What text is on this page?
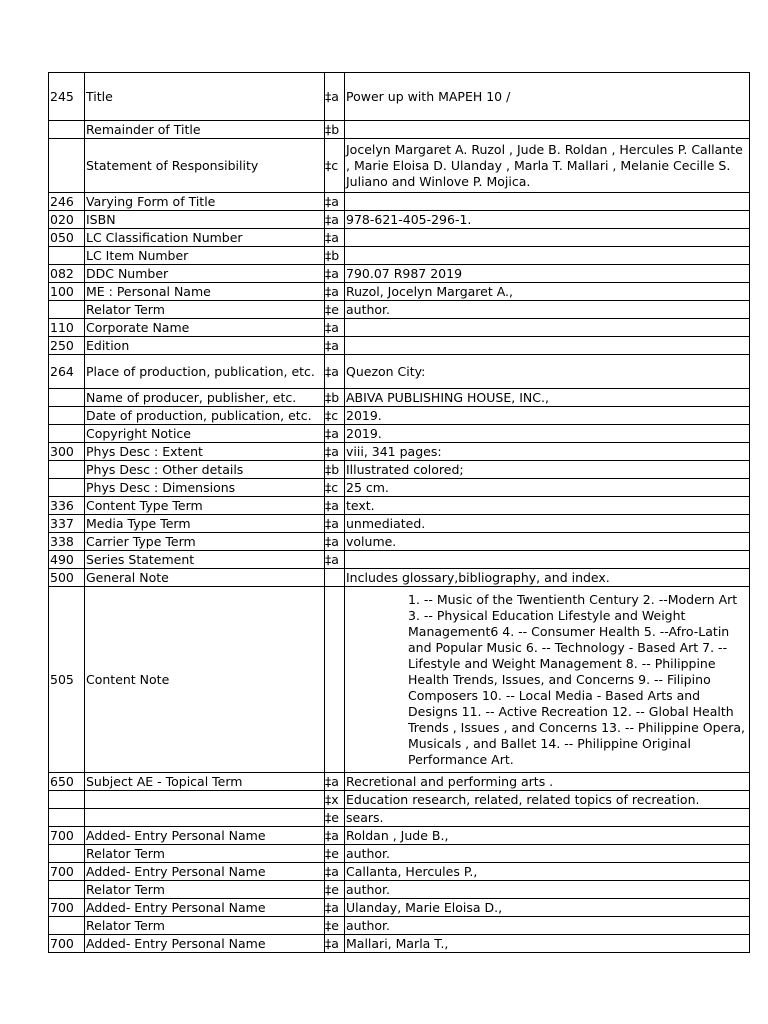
245	Title	‡a	Power up with MAPEH 10 /
	Remainder of Title	‡b	
	Statement of Responsibility	‡c	Jocelyn Margaret A. Ruzol , Jude B. Roldan , Hercules P. Callante , Marie Eloisa D. Ulanday , Marla T. Mallari , Melanie Cecille S. Juliano and Winlove P. Mojica.
246	Varying Form of Title	‡a	
020	ISBN	‡a	978-621-405-296-1.
050	LC Classification Number	‡a	
	LC Item Number	‡b	
082	DDC Number	‡a	790.07 R987 2019
100	ME : Personal Name	‡a	Ruzol, Jocelyn Margaret A.,
	Relator Term	‡e	author.
110	Corporate Name	‡a	
250	Edition	‡a	
264	Place of production, publication, etc.	‡a	Quezon City:
	Name of producer, publisher, etc.	‡b	ABIVA PUBLISHING HOUSE, INC.,
	Date of production, publication, etc.	‡c	2019.
	Copyright Notice	‡a	2019.
300	Phys Desc : Extent	‡a	viii, 341 pages:
	Phys Desc : Other details	‡b	Illustrated colored;
	Phys Desc : Dimensions	‡c	25 cm.
336	Content Type Term	‡a	text.
337	Media Type Term	‡a	unmediated.
338	Carrier Type Term	‡a	volume.
490	Series Statement	‡a	
500	General Note		Includes glossary,bibliography, and index.
505	Content Note		1. -- Music of the Twentienth Century 2. --Modern Art 3. -- Physical Education Lifestyle and Weight Management6 4. -- Consumer Health 5. --Afro-Latin and Popular Music 6. -- Technology - Based Art 7. -- Lifestyle and Weight Management 8. -- Philippine Health Trends, Issues, and Concerns 9. -- Filipino Composers 10. -- Local Media - Based Arts and Designs 11. -- Active Recreation 12. -- Global Health Trends , Issues , and Concerns 13. -- Philippine Opera, Musicals , and Ballet 14. -- Philippine Original Performance Art.
650	Subject AE - Topical Term	‡a	Recretional and performing arts .
		‡x	Education research, related, related topics of recreation.
		‡e	sears.
700	Added- Entry Personal Name	‡a	Roldan , Jude B.,
	Relator Term	‡e	author.
700	Added- Entry Personal Name	‡a	Callanta, Hercules P.,
	Relator Term	‡e	author.
700	Added- Entry Personal Name	‡a	Ulanday, Marie Eloisa D.,
	Relator Term	‡e	author.
700	Added- Entry Personal Name	‡a	Mallari, Marla T.,
